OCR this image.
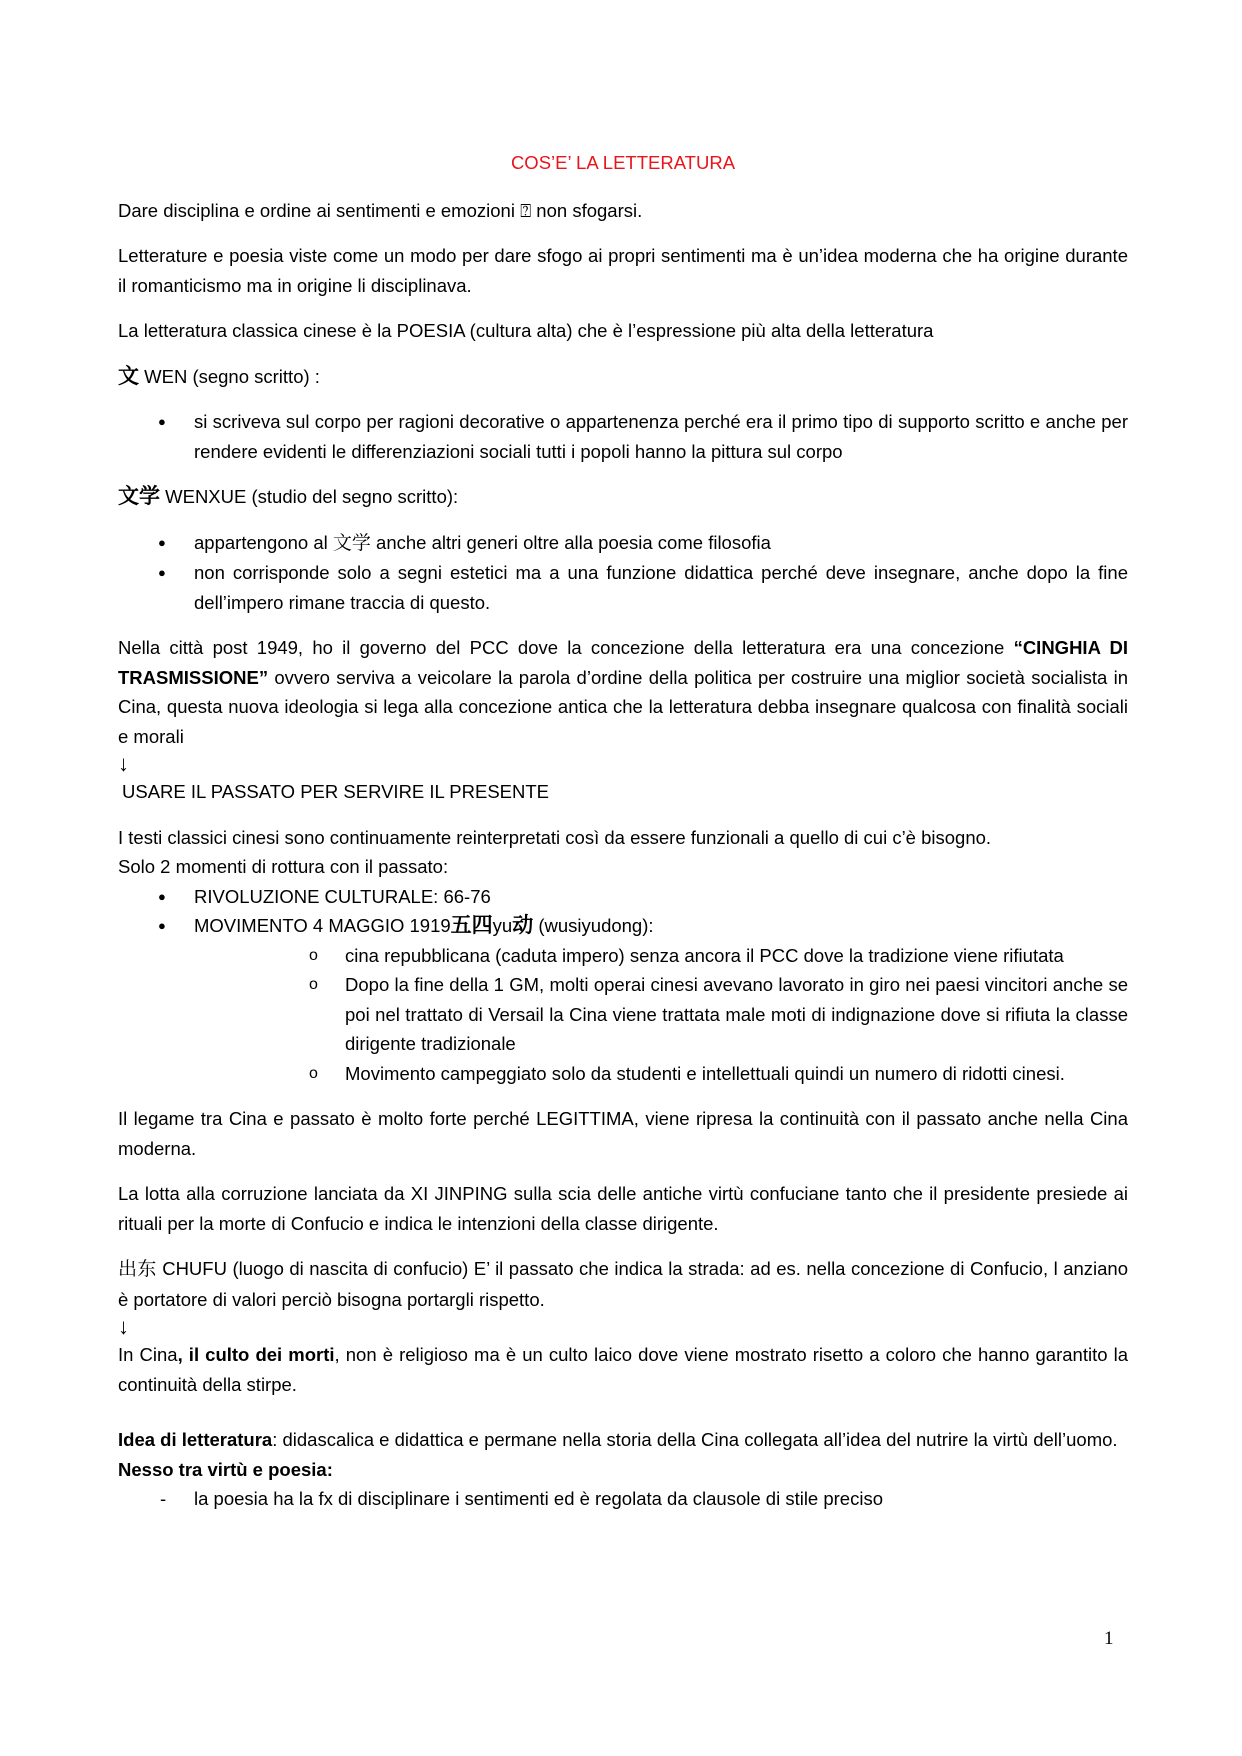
COS’E’ LA LETTERATURA

Dare disciplina e ordine ai sentimenti e emozioni ⍰ non sfogarsi.

Letterature e poesia viste come un modo per dare sfogo ai propri sentimenti ma è un’idea moderna che ha origine durante il romanticismo ma in origine li disciplinava.

La letteratura classica cinese è la POESIA (cultura alta) che è l’espressione più alta della letteratura

文 WEN (segno scritto) :

● si scriveva sul corpo per ragioni decorative o appartenenza perché era il primo tipo di supporto scritto e anche per rendere evidenti le differenziazioni sociali tutti i popoli hanno la pittura sul corpo

文学 WENXUE (studio del segno scritto):

● appartengono al 文学 anche altri generi oltre alla poesia come filosofia
● non corrisponde solo a segni estetici ma a una funzione didattica perché deve insegnare, anche dopo la fine dell’impero rimane traccia di questo.

Nella città post 1949, ho il governo del PCC dove la concezione della letteratura era una concezione “CINGHIA DI TRASMISSIONE” ovvero serviva a veicolare la parola d’ordine della politica per costruire una miglior società socialista in Cina, questa nuova ideologia si lega alla concezione antica che la letteratura debba insegnare qualcosa con finalità sociali e morali

↓

USARE IL PASSATO PER SERVIRE IL PRESENTE

I testi classici cinesi sono continuamente reinterpretati così da essere funzionali a quello di cui c’è bisogno.

Solo 2 momenti di rottura con il passato:

● RIVOLUZIONE CULTURALE: 66-76
● MOVIMENTO 4 MAGGIO 1919五四yu动 (wusiyudong):
o cina repubblicana (caduta impero) senza ancora il PCC dove la tradizione viene rifiutata
o Dopo la fine della 1 GM, molti operai cinesi avevano lavorato in giro nei paesi vincitori anche se poi nel trattato di Versail la Cina viene trattata male moti di indignazione dove si rifiuta la classe dirigente tradizionale
o Movimento campeggiato solo da studenti e intellettuali quindi un numero di ridotti cinesi.

Il legame tra Cina e passato è molto forte perché LEGITTIMA, viene ripresa la continuità con il passato anche nella Cina moderna.

La lotta alla corruzione lanciata da XI JINPING sulla scia delle antiche virtù confuciane tanto che il presidente presiede ai rituali per la morte di Confucio e indica le intenzioni della classe dirigente.

出东 CHUFU (luogo di nascita di confucio) E’ il passato che indica la strada: ad es. nella concezione di Confucio, l anziano è portatore di valori perciò bisogna portargli rispetto.

↓

In Cina, il culto dei morti, non è religioso ma è un culto laico dove viene mostrato risetto a coloro che hanno garantito la continuità della stirpe.

Idea di letteratura: didascalica e didattica e permane nella storia della Cina collegata all’idea del nutrire la virtù dell’uomo.

Nesso tra virtù e poesia:

- la poesia ha la fx di disciplinare i sentimenti ed è regolata da clausole di stile preciso
1
